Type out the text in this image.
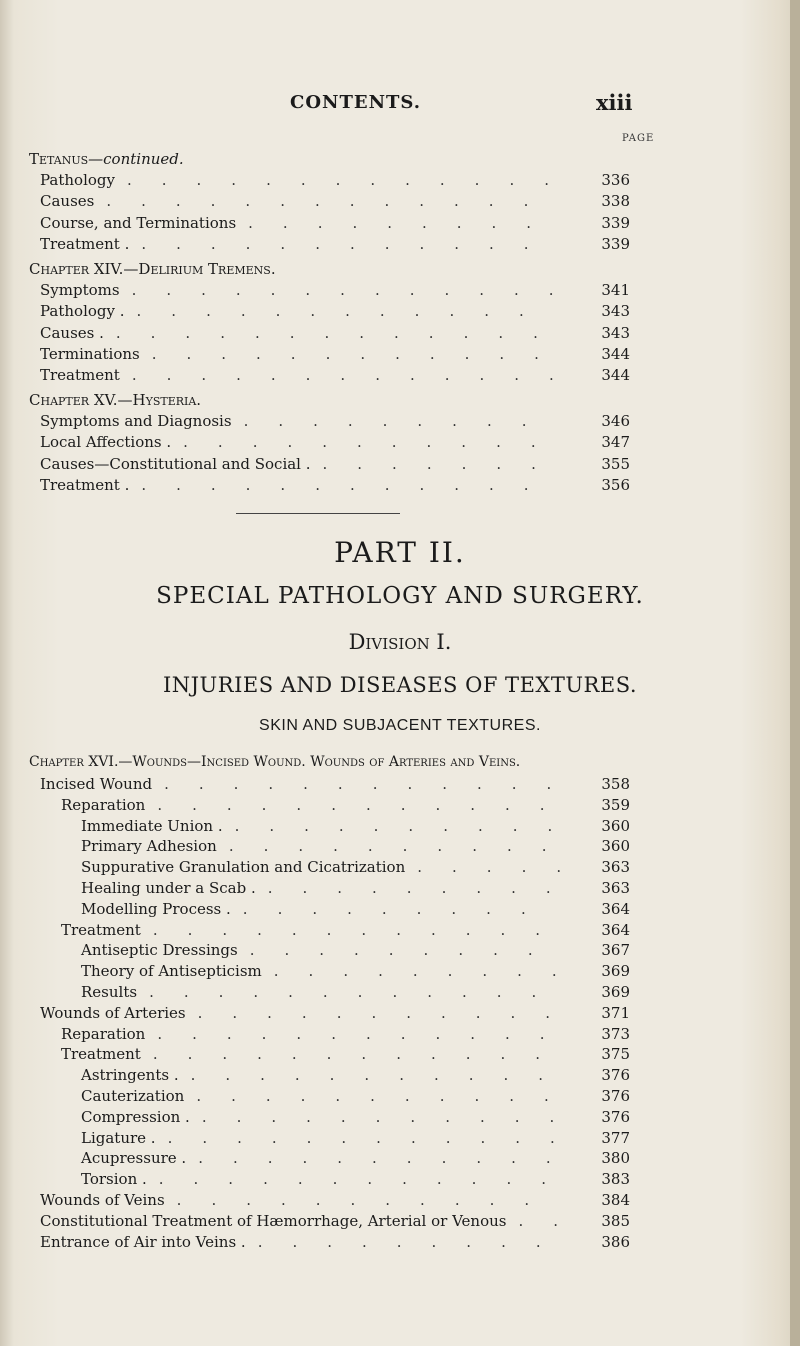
CONTENTS.	xiii
PAGE
Tetanus—continued.
.    .    .    .    .    .    .    .    .    .    .    .    .    
Pathology	336
.    .    .    .    .    .    .    .    .    .    .    .    .    
Causes	338
.    .    .    .    .    .    .    .    .    
Course, and Terminations	339
.    .    .    .    .    .    .    .    .    .    .    .    
Treatment .	339
Chapter XIV.—Delirium Tremens.
.    .    .    .    .    .    .    .    .    .    .    .    .    
Symptoms	341
.    .    .    .    .    .    .    .    .    .    .    .    
Pathology .	343
.    .    .    .    .    .    .    .    .    .    .    .    .    
Causes .	343
.    .    .    .    .    .    .    .    .    .    .    .    
Terminations	344
.    .    .    .    .    .    .    .    .    .    .    .    .    
Treatment	344
Chapter XV.—Hysteria.
.    .    .    .    .    .    .    .    .    
Symptoms and Diagnosis	346
.    .    .    .    .    .    .    .    .    .    .    
Local Affections .	347
.    .    .    .    .    .    .    
Causes—Constitutional and Social .	355
.    .    .    .    .    .    .    .    .    .    .    .    
Treatment .	356
PART II.
SPECIAL PATHOLOGY AND SURGERY.
Division I.
INJURIES AND DISEASES OF TEXTURES.
SKIN AND SUBJACENT TEXTURES.
Chapter XVI.—Wounds—Incised Wound. Wounds of Arteries and Veins.
.    .    .    .    .    .    .    .    .    .    .    .    
Incised Wound	358
.    .    .    .    .    .    .    .    .    .    .    .    
Reparation	359
.    .    .    .    .    .    .    .    .    .    
Immediate Union .	360
.    .    .    .    .    .    .    .    .    .    
Primary Adhesion	360
.    .    .    .    .    
Suppurative Granulation and Cicatrization	363
.    .    .    .    .    .    .    .    .    
Healing under a Scab .	363
.    .    .    .    .    .    .    .    .    
Modelling Process .	364
.    .    .    .    .    .    .    .    .    .    .    .    
Treatment	364
.    .    .    .    .    .    .    .    .    
Antiseptic Dressings	367
.    .    .    .    .    .    .    .    .    
Theory of Antisepticism	369
.    .    .    .    .    .    .    .    .    .    .    .    
Results	369
.    .    .    .    .    .    .    .    .    .    .    
Wounds of Arteries	371
.    .    .    .    .    .    .    .    .    .    .    .    
Reparation	373
.    .    .    .    .    .    .    .    .    .    .    .    
Treatment	375
.    .    .    .    .    .    .    .    .    .    .    
Astringents .	376
.    .    .    .    .    .    .    .    .    .    .    
Cauterization	376
.    .    .    .    .    .    .    .    .    .    .    
Compression .	376
.    .    .    .    .    .    .    .    .    .    .    .    
Ligature .	377
.    .    .    .    .    .    .    .    .    .    .    
Acupressure .	380
.    .    .    .    .    .    .    .    .    .    .    .    
Torsion .	383
.    .    .    .    .    .    .    .    .    .    .    
Wounds of Veins	384
.    .    
Constitutional Treatment of Hæmorrhage, Arterial or Venous	385
.    .    .    .    .    .    .    .    .    
Entrance of Air into Veins .	386
